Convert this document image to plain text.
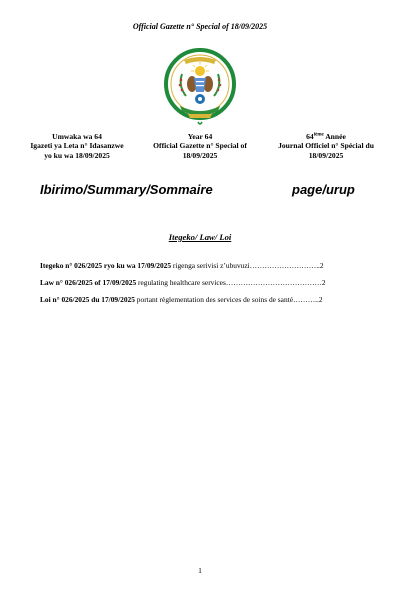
Official Gazette n° Special of 18/09/2025
Umwaka wa 64
Igazeti ya Leta n° Idasanzwe
yo ku wa 18/09/2025
Year 64
Official Gazette n° Special of
18/09/2025
64ième Année
Journal Officiel n° Spécial du
18/09/2025
Ibirimo/Summary/Sommaire	page/urup
Itegeko/ Law/ Loi
Itegeko n° 026/2025 ryo ku wa 17/09/2025 rigenga serivisi z’ubuvuzi………………………..2
Law n° 026/2025 of 17/09/2025 regulating healthcare services…………………………………2
Loi n° 026/2025 du 17/09/2025 portant règlementation des services de soins de santé………..2
1
